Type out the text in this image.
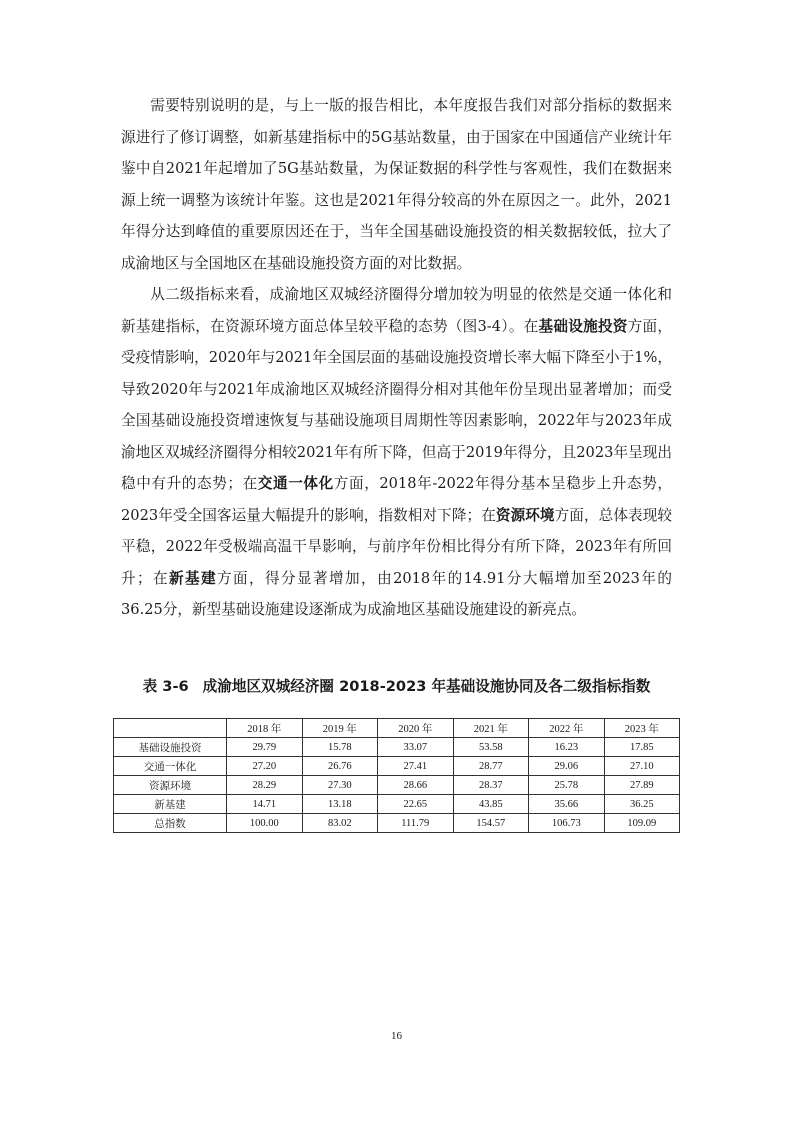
需要特别说明的是，与上一版的报告相比，本年度报告我们对部分指标的数据来源进行了修订调整，如新基建指标中的5G基站数量，由于国家在中国通信产业统计年鉴中自2021年起增加了5G基站数量，为保证数据的科学性与客观性，我们在数据来源上统一调整为该统计年鉴。这也是2021年得分较高的外在原因之一。此外，2021年得分达到峰值的重要原因还在于，当年全国基础设施投资的相关数据较低，拉大了成渝地区与全国地区在基础设施投资方面的对比数据。

从二级指标来看，成渝地区双城经济圈得分增加较为明显的依然是交通一体化和新基建指标，在资源环境方面总体呈较平稳的态势（图3-4）。在基础设施投资方面，受疫情影响，2020年与2021年全国层面的基础设施投资增长率大幅下降至小于1%，导致2020年与2021年成渝地区双城经济圈得分相对其他年份呈现出显著增加；而受全国基础设施投资增速恢复与基础设施项目周期性等因素影响，2022年与2023年成渝地区双城经济圈得分相较2021年有所下降，但高于2019年得分，且2023年呈现出稳中有升的态势；在交通一体化方面，2018年-2022年得分基本呈稳步上升态势，2023年受全国客运量大幅提升的影响，指数相对下降；在资源环境方面，总体表现较平稳，2022年受极端高温干旱影响，与前序年份相比得分有所下降，2023年有所回升；在新基建方面，得分显著增加，由2018年的14.91分大幅增加至2023年的36.25分，新型基础设施建设逐渐成为成渝地区基础设施建设的新亮点。

表 3-6 成渝地区双城经济圈 2018-2023 年基础设施协同及各二级指标指数
	2018 年	2019 年	2020 年	2021 年	2022 年	2023 年
基础设施投资	29.79	15.78	33.07	53.58	16.23	17.85
交通一体化	27.20	26.76	27.41	28.77	29.06	27.10
资源环境	28.29	27.30	28.66	28.37	25.78	27.89
新基建	14.71	13.18	22.65	43.85	35.66	36.25
总指数	100.00	83.02	111.79	154.57	106.73	109.09
16
